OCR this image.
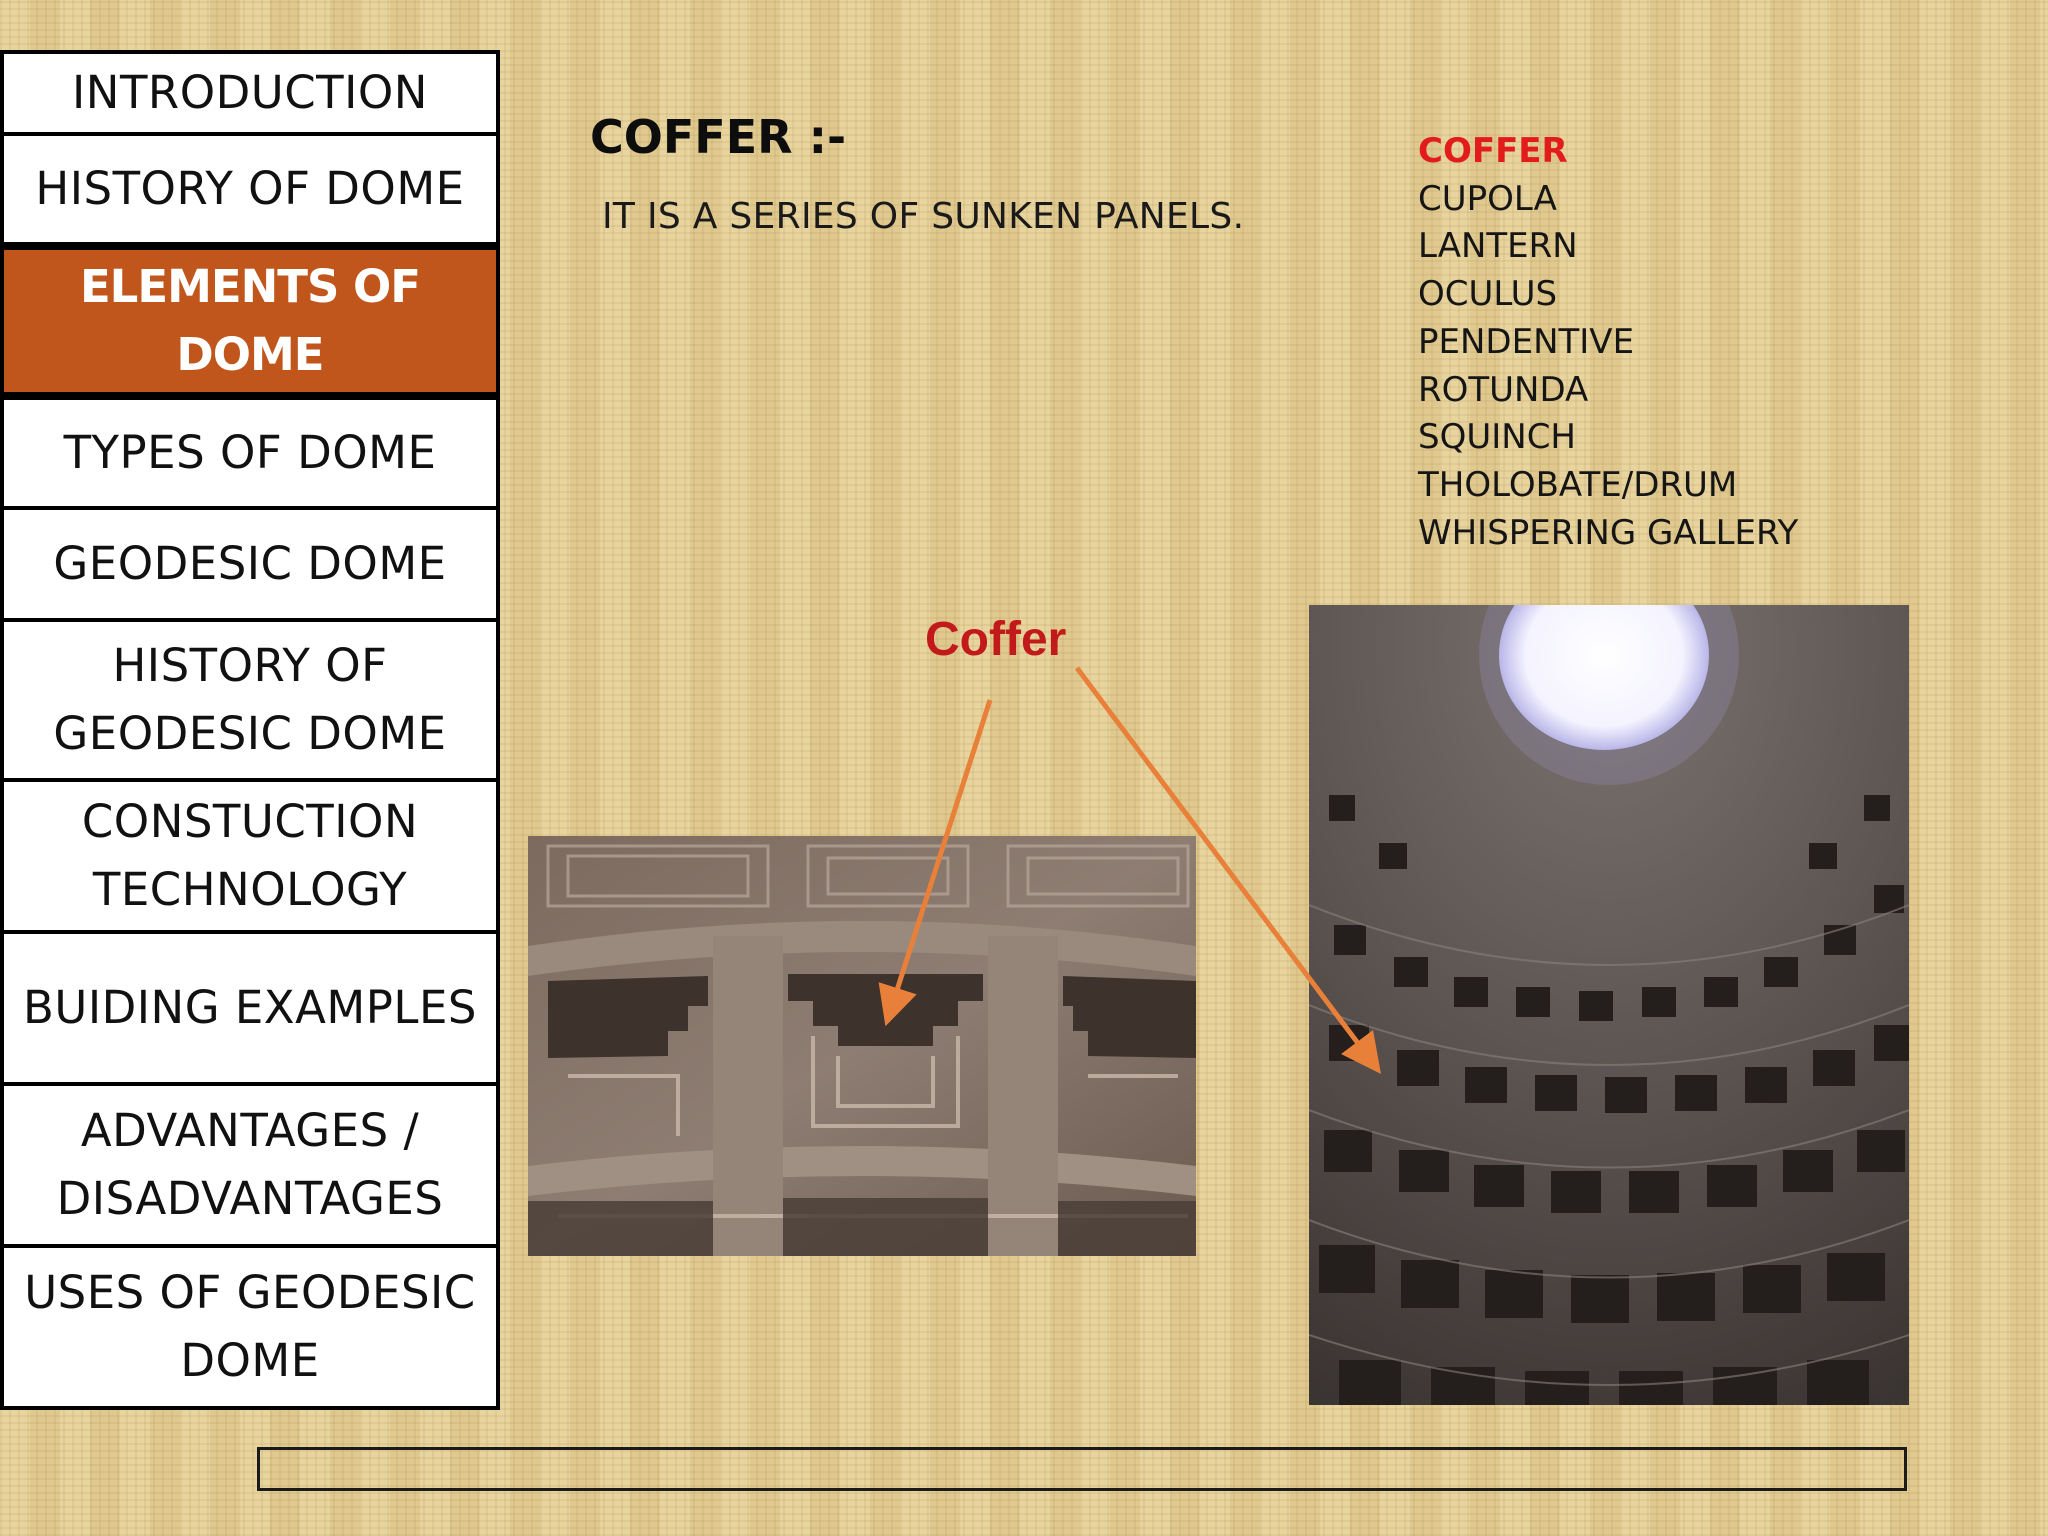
INTRODUCTION
HISTORY OF DOME
ELEMENTS OF DOME
TYPES OF DOME
GEODESIC DOME
HISTORY OF GEODESIC DOME
CONSTUCTION TECHNOLOGY
BUIDING EXAMPLES
ADVANTAGES / DISADVANTAGES
USES OF GEODESIC DOME
COFFER :-
IT IS A SERIES OF SUNKEN PANELS.
COFFER
CUPOLA
LANTERN
OCULUS
PENDENTIVE
ROTUNDA
SQUINCH
THOLOBATE/DRUM
WHISPERING GALLERY
Coffer
